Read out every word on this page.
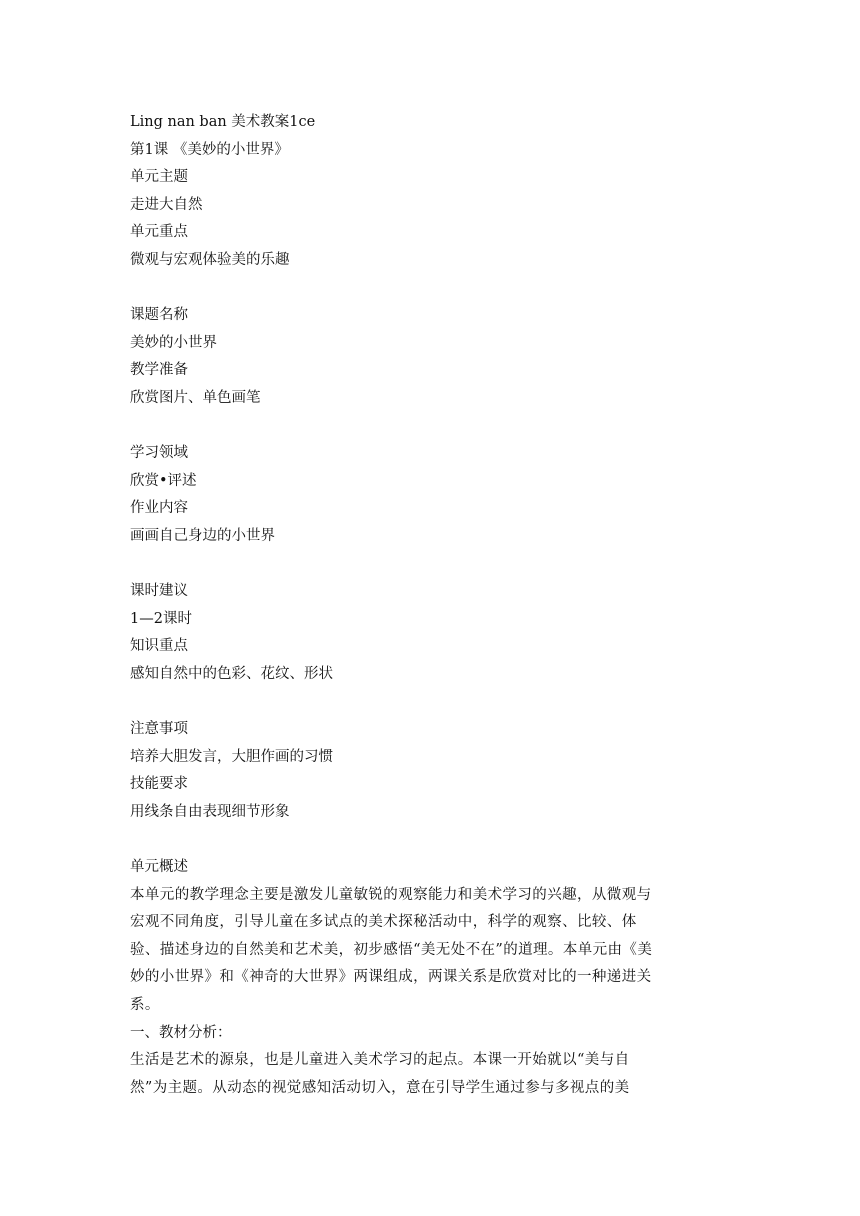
Ling nan ban 美术教案1ce
第1课 《美妙的小世界》
单元主题
走进大自然
单元重点
微观与宏观体验美的乐趣
课题名称
美妙的小世界
教学准备
欣赏图片、单色画笔
学习领域
欣赏•评述
作业内容
画画自己身边的小世界
课时建议
1—2课时
知识重点
感知自然中的色彩、花纹、形状
注意事项
培养大胆发言，大胆作画的习惯
技能要求
用线条自由表现细节形象
单元概述
本单元的教学理念主要是激发儿童敏锐的观察能力和美术学习的兴趣，从微观与宏观不同角度，引导儿童在多试点的美术探秘活动中，科学的观察、比较、体验、描述身边的自然美和艺术美，初步感悟“美无处不在”的道理。本单元由《美妙的小世界》和《神奇的大世界》两课组成，两课关系是欣赏对比的一种递进关系。
一、教材分析：
生活是艺术的源泉，也是儿童进入美术学习的起点。本课一开始就以“美与自然”为主题。从动态的视觉感知活动切入，意在引导学生通过参与多视点的美
